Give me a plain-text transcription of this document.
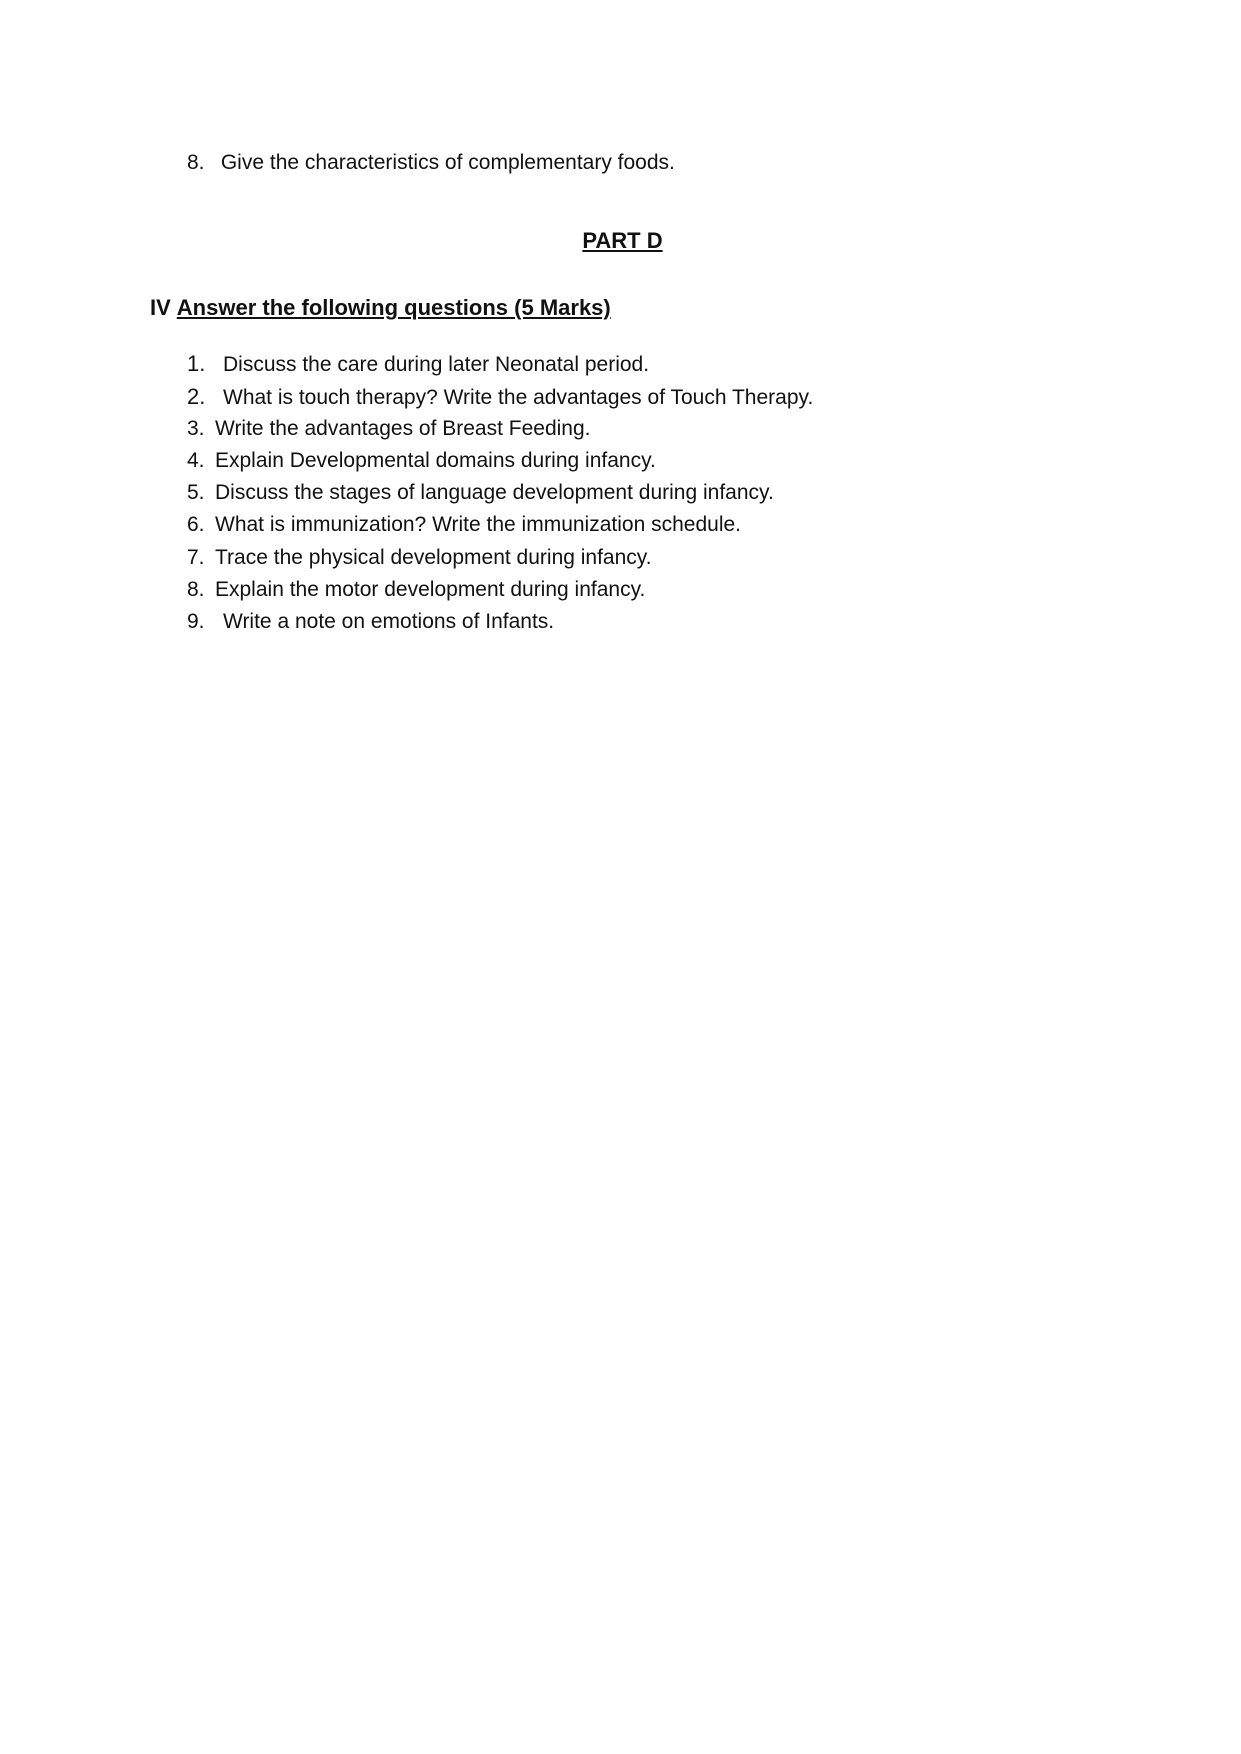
8. Give the characteristics of complementary foods.
PART D
IV Answer the following questions (5 Marks)
1. Discuss the care during later Neonatal period.
2. What is touch therapy? Write the advantages of Touch Therapy.
3. Write the advantages of Breast Feeding.
4. Explain Developmental domains during infancy.
5. Discuss the stages of language development during infancy.
6. What is immunization? Write the immunization schedule.
7. Trace the physical development during infancy.
8. Explain the motor development during infancy.
9. Write a note on emotions of Infants.
